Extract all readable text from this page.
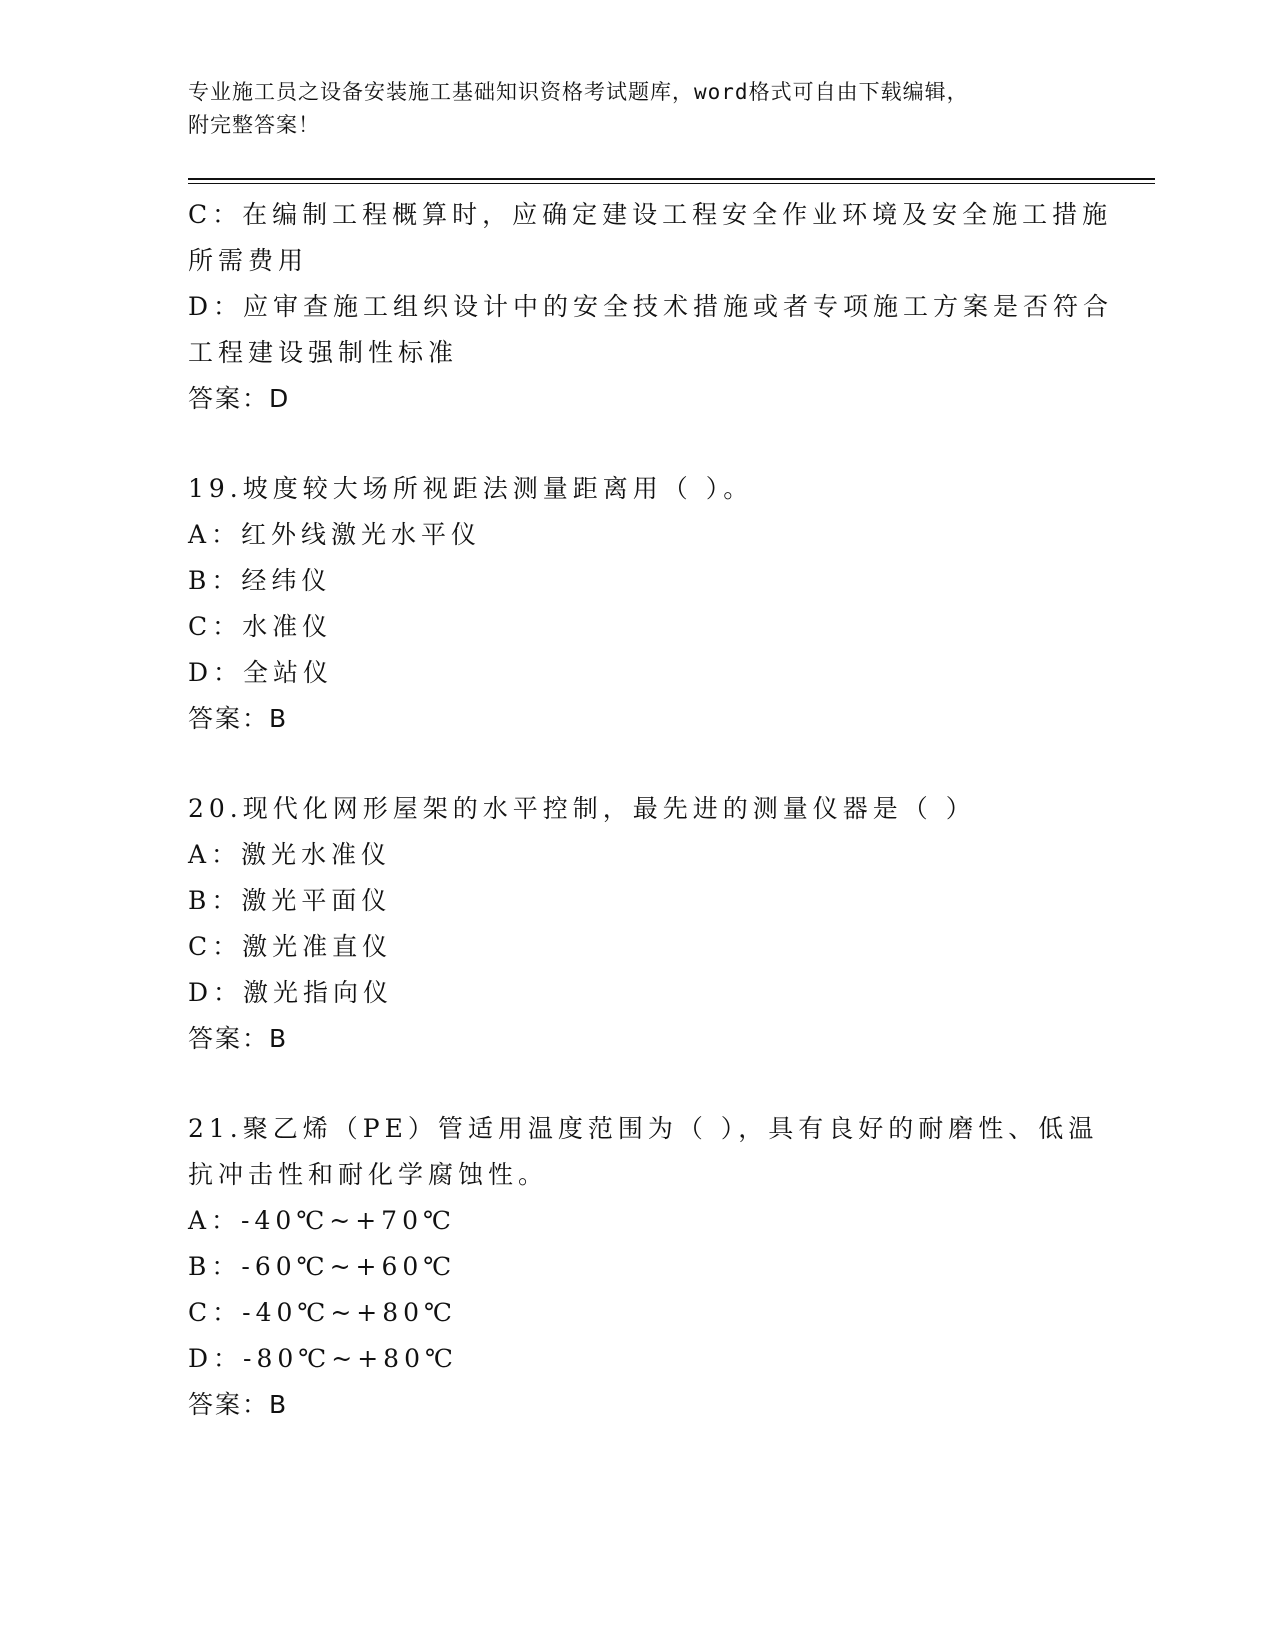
专业施工员之设备安装施工基础知识资格考试题库，word格式可自由下载编辑，
附完整答案！
C：在编制工程概算时，应确定建设工程安全作业环境及安全施工措施
所需费用
D：应审查施工组织设计中的安全技术措施或者专项施工方案是否符合
工程建设强制性标准
答案：D
19.坡度较大场所视距法测量距离用（ ）。
A：红外线激光水平仪
B：经纬仪
C：水准仪
D：全站仪
答案：B
20.现代化网形屋架的水平控制，最先进的测量仪器是（ ）
A：激光水准仪
B：激光平面仪
C：激光准直仪
D：激光指向仪
答案：B
21.聚乙烯（PE）管适用温度范围为（ ），具有良好的耐磨性、低温
抗冲击性和耐化学腐蚀性。
A：-40℃~+70℃
B：-60℃~+60℃
C：-40℃~+80℃
D：-80℃~+80℃
答案：B
